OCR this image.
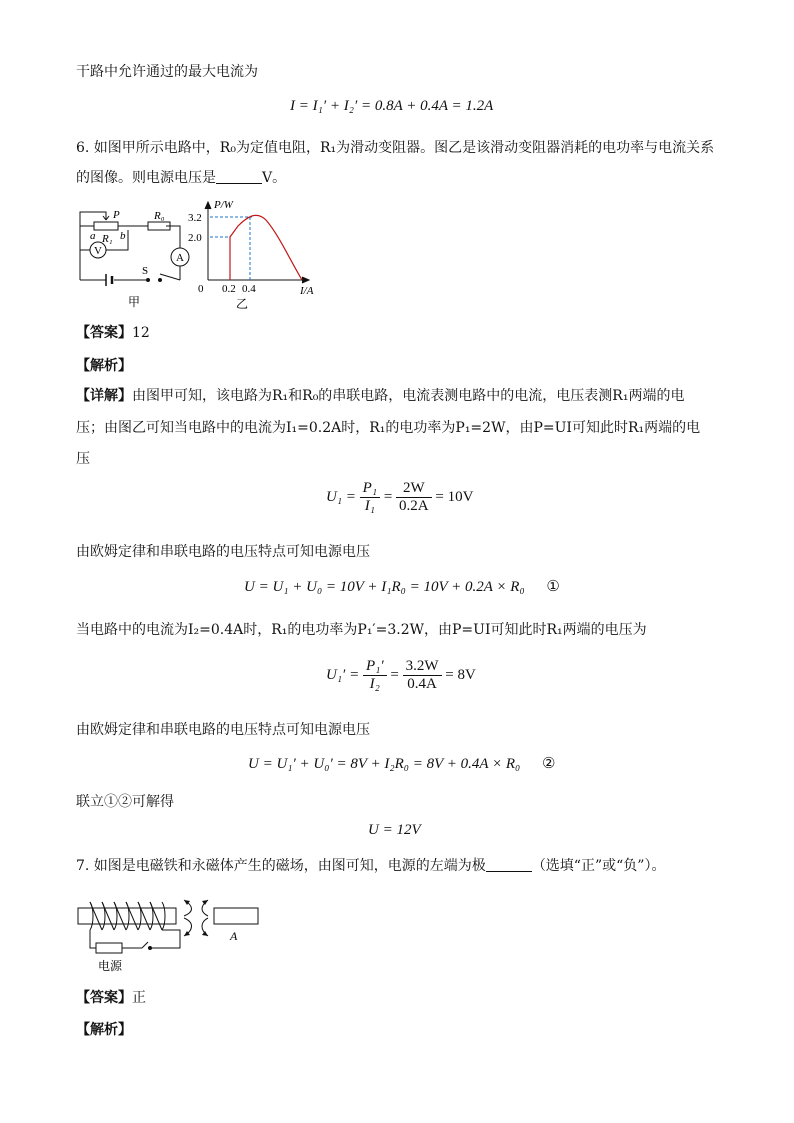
干路中允许通过的最大电流为
I = I₁′ + I₂′ = 0.8A + 0.4A = 1.2A
6. 如图甲所示电路中，R₀为定值电阻，R₁为滑动变阻器。图乙是该滑动变阻器消耗的电功率与电流关系
的图像。则电源电压是	V。
P	R₀
a R₁ b
V
A
S
甲
P/W
3.2
2.0
0 0.2 0.4	I/A
乙
【答案】12
【解析】
【详解】由图甲可知，该电路为R₁和R₀的串联电路，电流表测电路中的电流，电压表测R₁两端的电
压；由图乙可知当电路中的电流为I₁=0.2A时，R₁的电功率为P₁=2W，由P=UI可知此时R₁两端的电
压
$U_1 = \frac{\text{P₁}}{\text{I₁}} = \frac{2W}{0.2A} = 10V$
由欧姆定律和串联电路的电压特点可知电源电压
U = U₁ + U₀ = 10V + I₁R₀ = 10V + 0.2A × R₀ ①
当电路中的电流为I₂=0.4A时，R₁的电功率为P₁′=3.2W，由P=UI可知此时R₁两端的电压为
$U_1' = \frac{\text{P₁′}}{\text{I₂}} = \frac{3.2W}{0.4A} = 8V$
由欧姆定律和串联电路的电压特点可知电源电压
U = U₁′ + U₀′ = 8V + I₂R₀ = 8V + 0.4A × R₀ ②
联立①②可解得
U = 12V
7. 如图是电磁铁和永磁体产生的磁场，由图可知，电源的左端为极	（选填“正”或“负”）。
A
电源
【答案】正
【解析】
